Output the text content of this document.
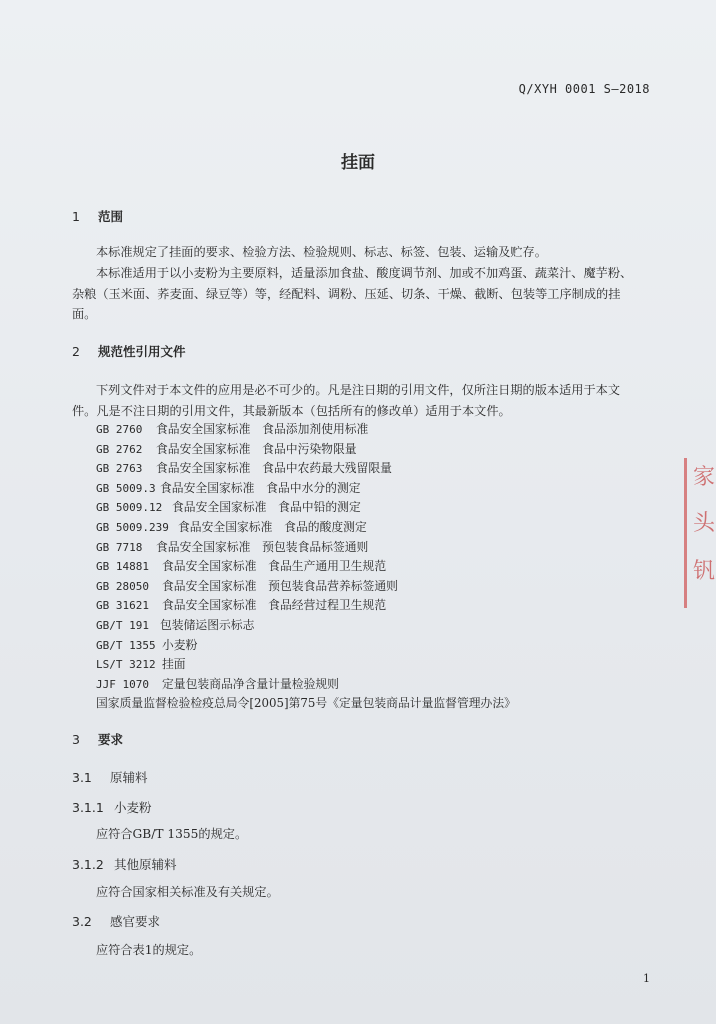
Q/XYH 0001 S—2018
挂面
1 范围
本标准规定了挂面的要求、检验方法、检验规则、标志、标签、包装、运输及贮存。
本标准适用于以小麦粉为主要原料，适量添加食盐、酸度调节剂、加或不加鸡蛋、蔬菜汁、魔芋粉、
杂粮（玉米面、荞麦面、绿豆等）等，经配料、调粉、压延、切条、干燥、截断、包装等工序制成的挂
面。
2 规范性引用文件
下列文件对于本文件的应用是必不可少的。凡是注日期的引用文件，仅所注日期的版本适用于本文
件。凡是不注日期的引用文件，其最新版本（包括所有的修改单）适用于本文件。
GB 2760 食品安全国家标准　食品添加剂使用标准
GB 2762 食品安全国家标准　食品中污染物限量
GB 2763 食品安全国家标准　食品中农药最大残留限量
GB 5009.3 食品安全国家标准　食品中水分的测定
GB 5009.12 食品安全国家标准　食品中铅的测定
GB 5009.239 食品安全国家标准　食品的酸度测定
GB 7718 食品安全国家标准　预包装食品标签通则
GB 14881 食品安全国家标准　食品生产通用卫生规范
GB 28050 食品安全国家标准　预包装食品营养标签通则
GB 31621 食品安全国家标准　食品经营过程卫生规范
GB/T 191 包装储运图示标志
GB/T 1355 小麦粉
LS/T 3212 挂面
JJF 1070 定量包装商品净含量计量检验规则
国家质量监督检验检疫总局令[2005]第75号《定量包装商品计量监督管理办法》
3 要求
3.1 原辅料
3.1.1 小麦粉
应符合GB/T 1355的规定。
3.1.2 其他原辅料
应符合国家相关标准及有关规定。
3.2 感官要求
应符合表1的规定。
1
家
头
钒
